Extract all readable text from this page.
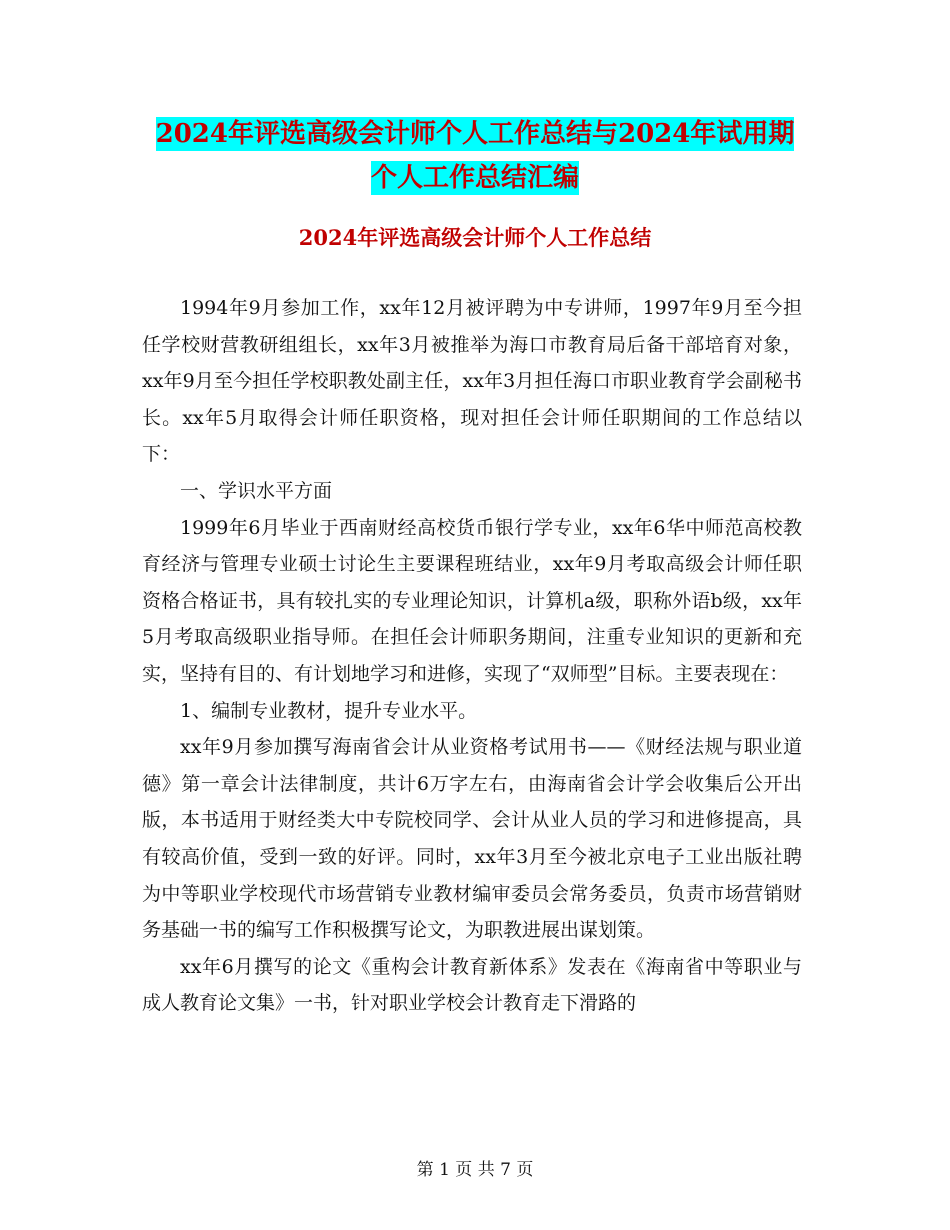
2024年评选高级会计师个人工作总结与2024年试用期
个人工作总结汇编
2024年评选高级会计师个人工作总结

1994年9月参加工作，xx年12月被评聘为中专讲师，1997年9月至今担任学校财营教研组组长，xx年3月被推举为海口市教育局后备干部培育对象，xx年9月至今担任学校职教处副主任，xx年3月担任海口市职业教育学会副秘书长。xx年5月取得会计师任职资格，现对担任会计师任职期间的工作总结以下：

一、学识水平方面

1999年6月毕业于西南财经高校货币银行学专业，xx年6华中师范高校教育经济与管理专业硕士讨论生主要课程班结业，xx年9月考取高级会计师任职资格合格证书，具有较扎实的专业理论知识，计算机a级，职称外语b级，xx年5月考取高级职业指导师。在担任会计师职务期间，注重专业知识的更新和充实，坚持有目的、有计划地学习和进修，实现了“双师型”目标。主要表现在：

1、编制专业教材，提升专业水平。

xx年9月参加撰写海南省会计从业资格考试用书——《财经法规与职业道德》第一章会计法律制度，共计6万字左右，由海南省会计学会收集后公开出版，本书适用于财经类大中专院校同学、会计从业人员的学习和进修提高，具有较高价值，受到一致的好评。同时，xx年3月至今被北京电子工业出版社聘为中等职业学校现代市场营销专业教材编审委员会常务委员，负责市场营销财务基础一书的编写工作积极撰写论文，为职教进展出谋划策。

xx年6月撰写的论文《重构会计教育新体系》发表在《海南省中等职业与成人教育论文集》一书，针对职业学校会计教育走下滑路的

第 1 页 共 7 页
